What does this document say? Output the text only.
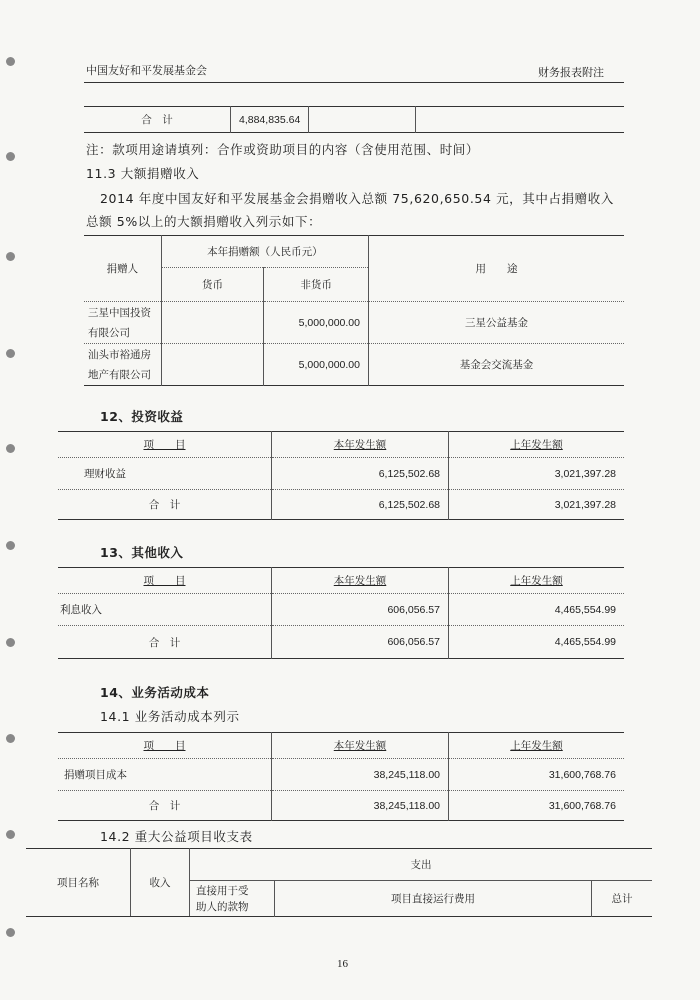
中国友好和平发展基金会	财务报表附注
合　计	4,884,835.64		
注：款项用途请填列：合作或资助项目的内容（含使用范围、时间）
11.3 大额捐赠收入
2014 年度中国友好和平发展基金会捐赠收入总额 75,620,650.54 元，其中占捐赠收入
总额 5%以上的大额捐赠收入列示如下：
捐赠人	本年捐赠额（人民币元）		用　　途
	货币	非货币	

三星中国投资
有限公司		5,000,000.00	三星公益基金

汕头市裕通房
地产有限公司		5,000,000.00	基金会交流基金
12、投资收益
项　　目	本年发生额	上年发生额
理财收益	6,125,502.68	3,021,397.28
合　计	6,125,502.68	3,021,397.28
13、其他收入
项　　目	本年发生额	上年发生额
利息收入	606,056.57	4,465,554.99
合　计	606,056.57	4,465,554.99
14、业务活动成本
14.1 业务活动成本列示
项　　目	本年发生额	上年发生额
捐赠项目成本	38,245,118.00	31,600,768.76
合　计	38,245,118.00	31,600,768.76
14.2 重大公益项目收支表
项目名称	收入	支出		

		直接用于受
助人的款物	项目直接运行费用	总计
16
